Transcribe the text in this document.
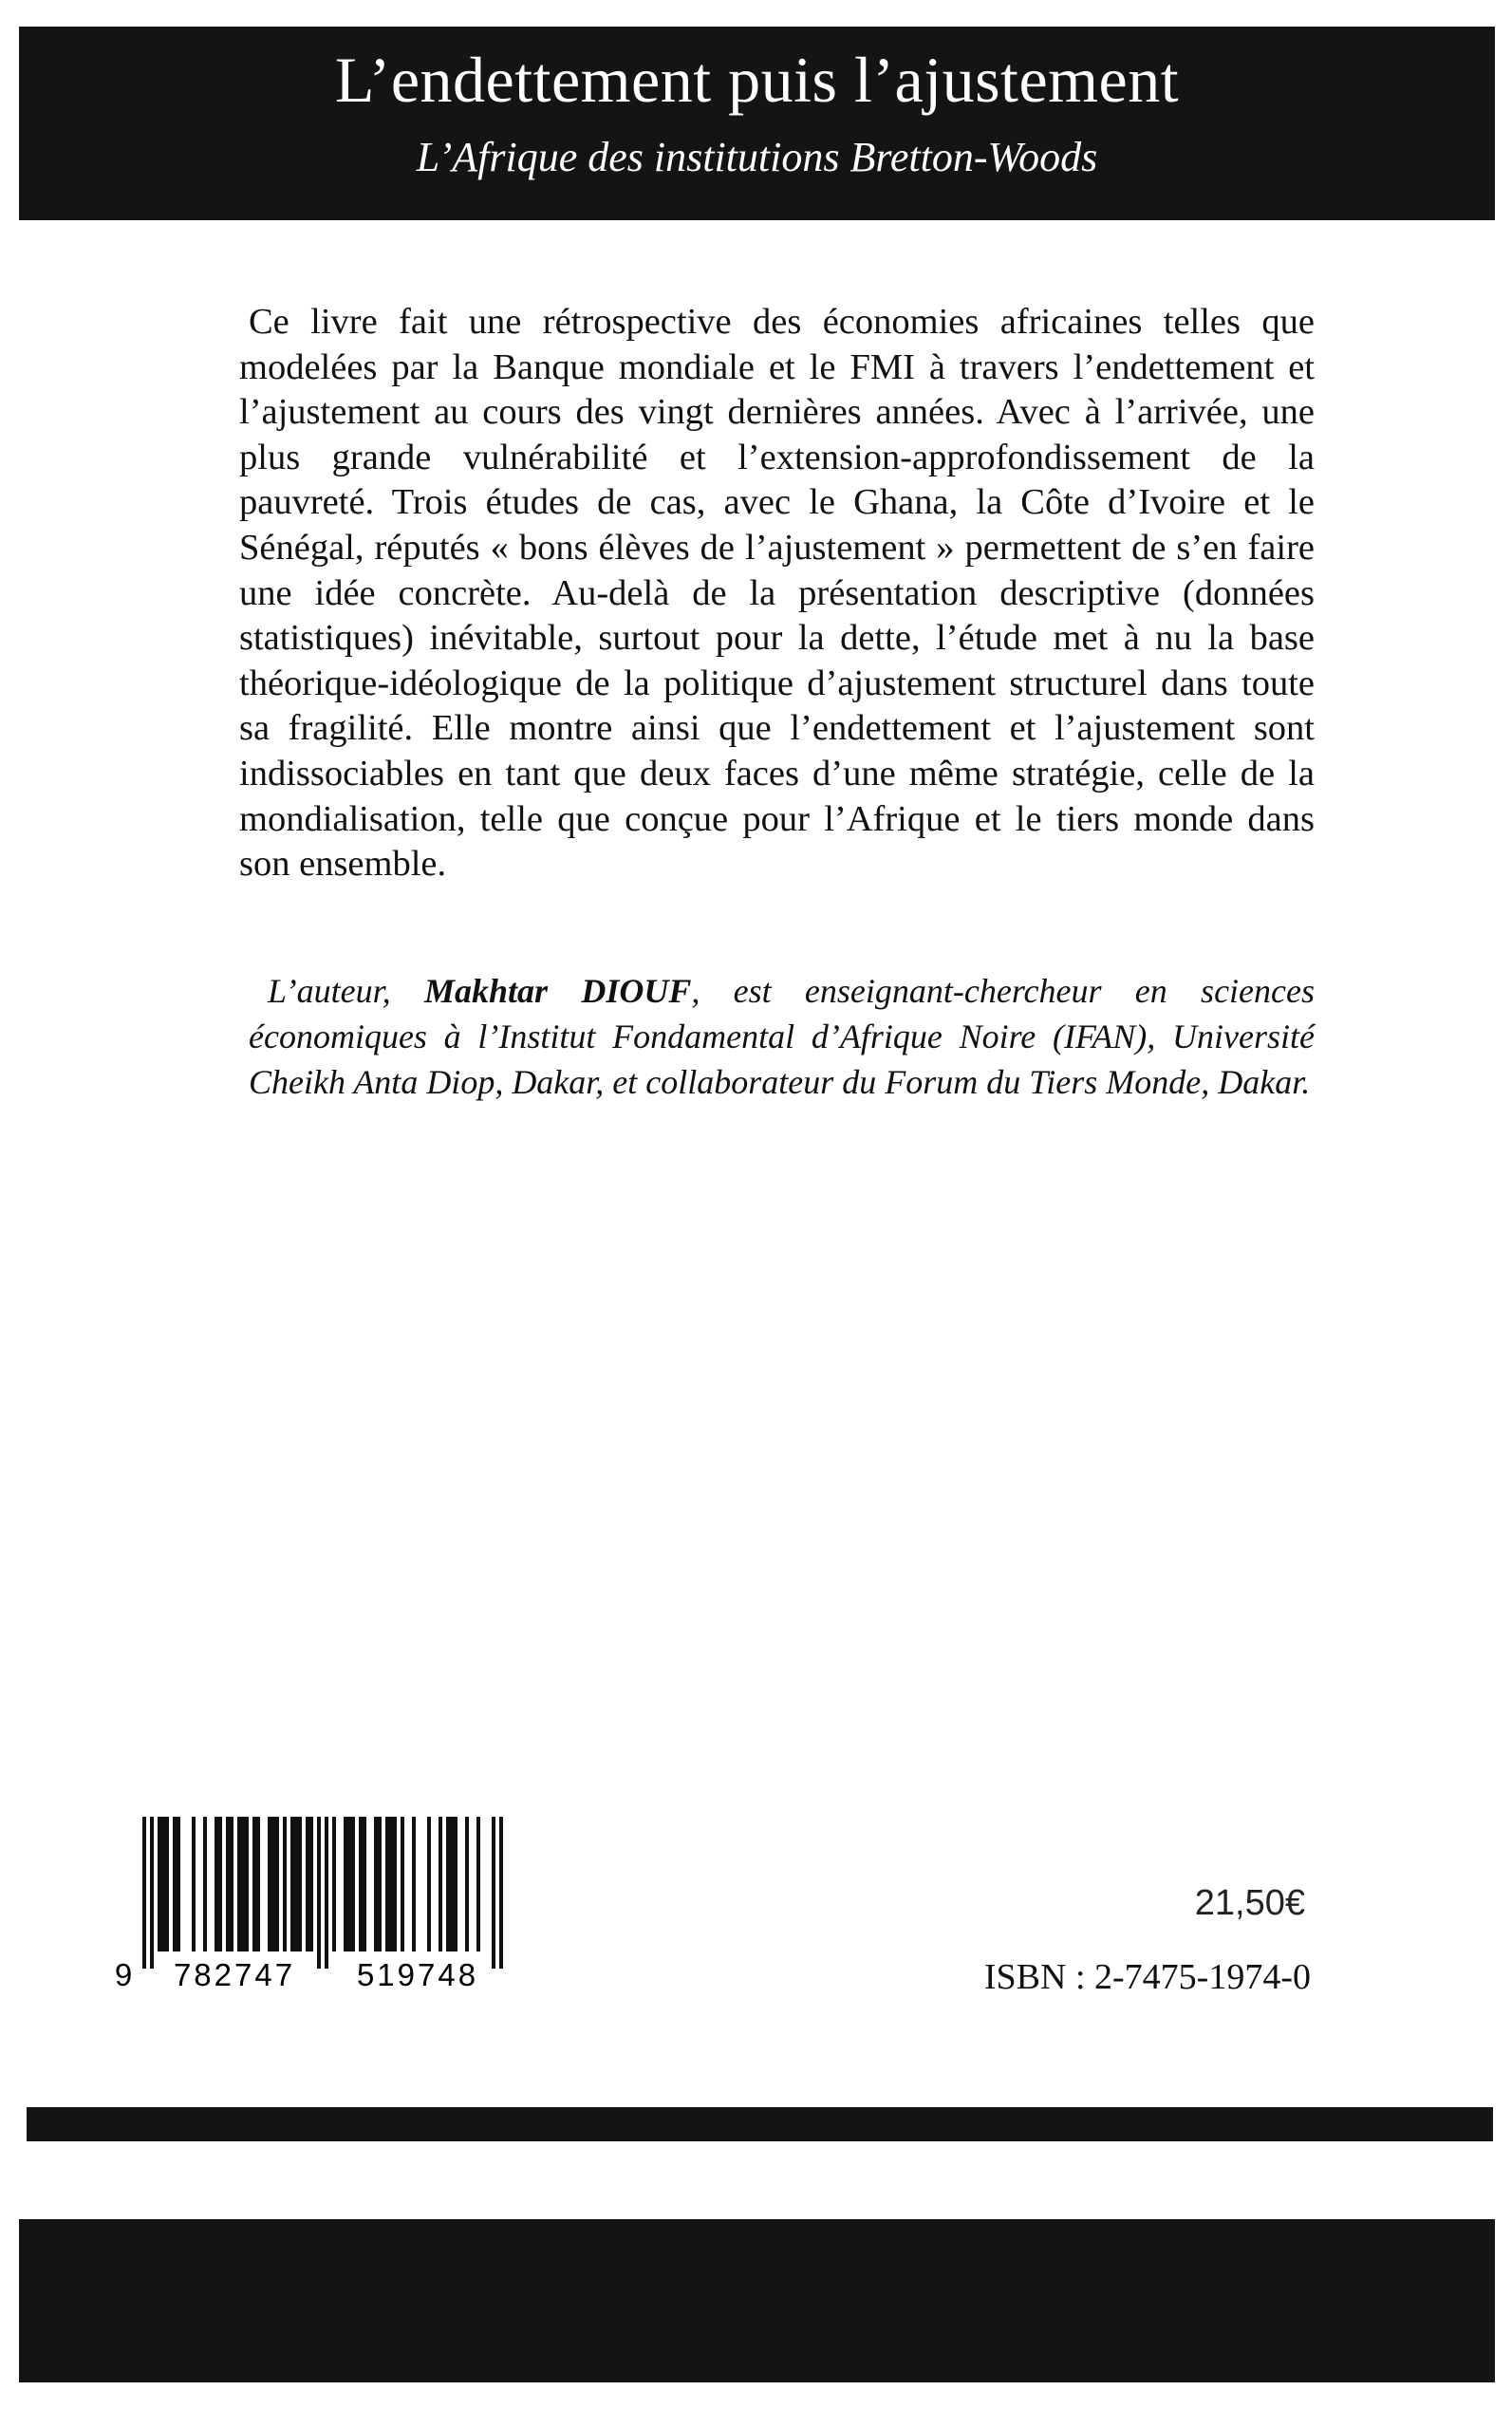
L’endettement puis l’ajustement
L’Afrique des institutions Bretton-Woods

Ce livre fait une rétrospective des économies africaines telles que modelées par la Banque mondiale et le FMI à travers l’endettement et l’ajustement au cours des vingt dernières années. Avec à l’arrivée, une plus grande vulnérabilité et l’extension-approfondissement de la pauvreté. Trois études de cas, avec le Ghana, la Côte d’Ivoire et le Sénégal, réputés « bons élèves de l’ajustement » permettent de s’en faire une idée concrète. Au-delà de la présentation descriptive (données statistiques) inévitable, surtout pour la dette, l’étude met à nu la base théorique-idéologique de la politique d’ajustement structurel dans toute sa fragilité. Elle montre ainsi que l’endettement et l’ajustement sont indissociables en tant que deux faces d’une même stratégie, celle de la mondialisation, telle que conçue pour l’Afrique et le tiers monde dans son ensemble.

L’auteur, Makhtar DIOUF, est enseignant-chercheur en sciences économiques à l’Institut Fondamental d’Afrique Noire (IFAN), Université Cheikh Anta Diop, Dakar, et collaborateur du Forum du Tiers Monde, Dakar.

9 782747 519748
21,50€
ISBN : 2-7475-1974-0
